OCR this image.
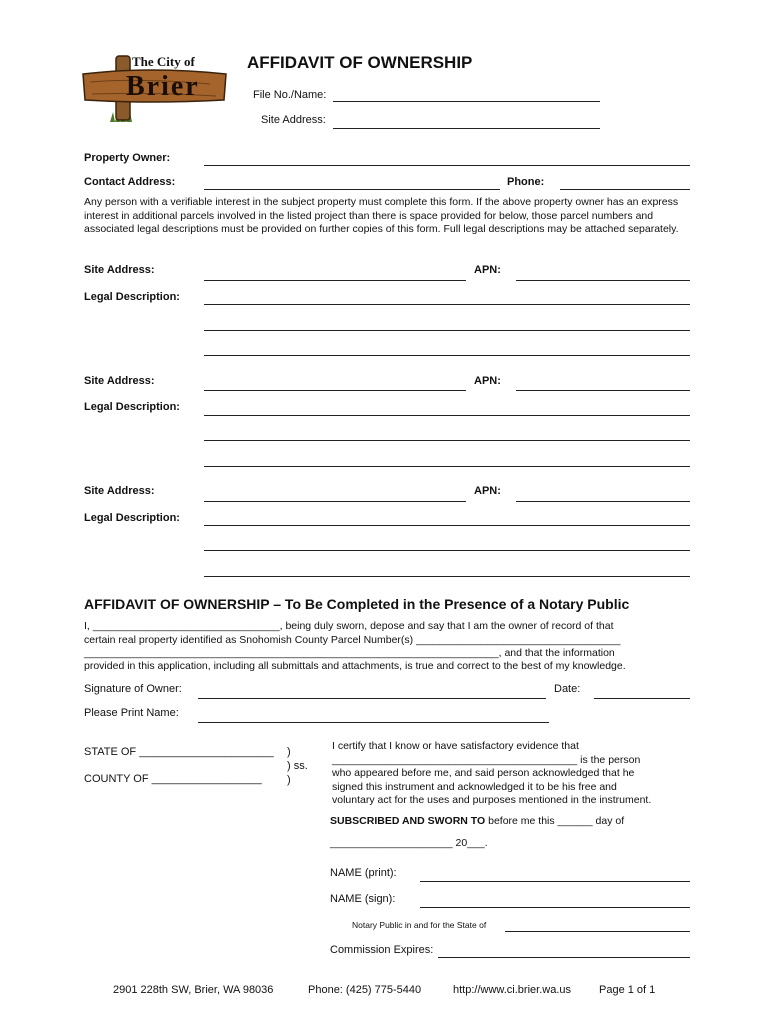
The City of
Brier
AFFIDAVIT OF OWNERSHIP
File No./Name:
Site Address:
Property Owner:
Contact Address:	Phone:
Any person with a verifiable interest in the subject property must complete this form. If the above property owner has an express interest in additional parcels involved in the listed project than there is space provided for below, those parcel numbers and associated legal descriptions must be provided on further copies of this form. Full legal descriptions may be attached separately.
Site Address:	APN:
Legal Description:
Site Address:	APN:
Legal Description:
Site Address:	APN:
Legal Description:
AFFIDAVIT OF OWNERSHIP – To Be Completed in the Presence of a Notary Public
I, ________________________________, being duly sworn, depose and say that I am the owner of record of that
certain real property identified as Snohomish County Parcel Number(s) ___________________________________
_______________________________________________________________________, and that the information
provided in this application, including all submittals and attachments, is true and correct to the best of my knowledge.
Signature of Owner:	Date:
Please Print Name:
STATE OF ______________________
COUNTY OF __________________
)
) ss.
)
I certify that I know or have satisfactory evidence that
__________________________________________ is the person
who appeared before me, and said person acknowledged that he
signed this instrument and acknowledged it to be his free and
voluntary act for the uses and purposes mentioned in the instrument.
SUBSCRIBED AND SWORN TO before me this ______ day of
_____________________ 20___.
NAME (print):
NAME (sign):
Notary Public in and for the State of
Commission Expires:
2901 228th SW, Brier, WA 98036	Phone: (425) 775-5440	http://www.ci.brier.wa.us	Page 1 of 1
